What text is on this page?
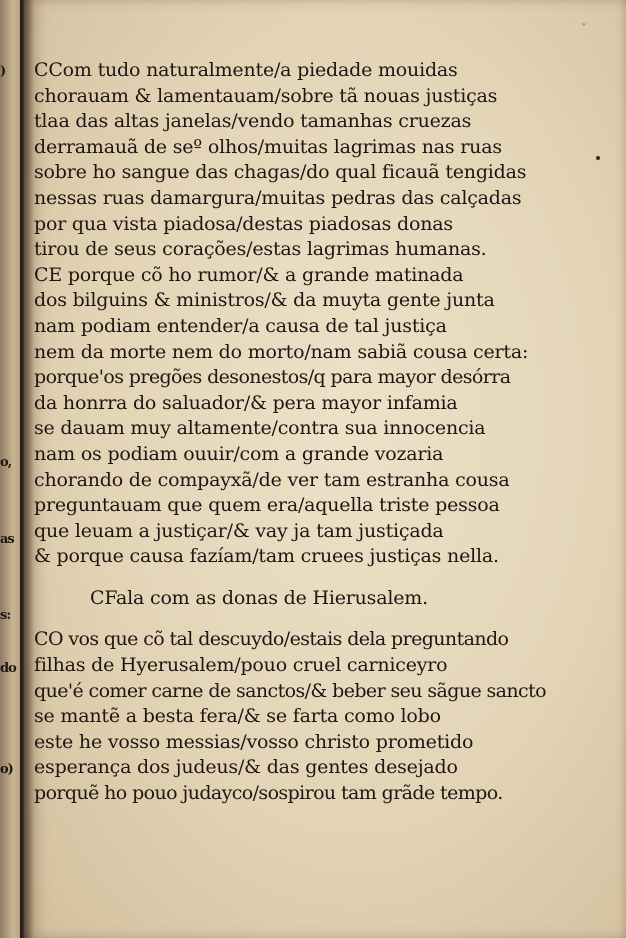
)
o,
as
s:
do
o)
ˇ
CCom tudo naturalmente/a piedade mouidas
chorauam & lamentauam/sobre tã nouas justiças
tlaa das altas janelas/vendo tamanhas cruezas
derramauã de seº olhos/muitas lagrimas nas ruas
sobre ho sangue das chagas/do qual ficauã tengidas
nessas ruas damargura/muitas pedras das calçadas
por qua vista piadosa/destas piadosas donas
tirou de seus corações/estas lagrimas humanas.
CE porque cõ ho rumor/& a grande matinada
dos bilguins & ministros/& da muyta gente junta
nam podiam entender/a causa de tal justiça
nem da morte nem do morto/nam sabiã cousa certa:
porque'os pregões desonestos/q para mayor desórra
da honrra do saluador/& pera mayor infamia
se dauam muy altamente/contra sua innocencia
nam os podiam ouuir/com a grande vozaria
chorando de compayxã/de ver tam estranha cousa
preguntauam que quem era/aquella triste pessoa
que leuam a justiçar/& vay ja tam justiçada
& porque causa fazíam/tam cruees justiças nella.
CFala com as donas de Hierusalem.
CO vos que cõ tal descuydo/estais dela preguntando
filhas de Hyerusalem/pouo cruel carniceyro
que'é comer carne de sanctos/& beber seu sãgue sancto
se mantẽ a besta fera/& se farta como lobo
este he vosso messias/vosso christo prometido
esperança dos judeus/& das gentes desejado
porquẽ ho pouo judayco/sospirou tam grãde tempo.
